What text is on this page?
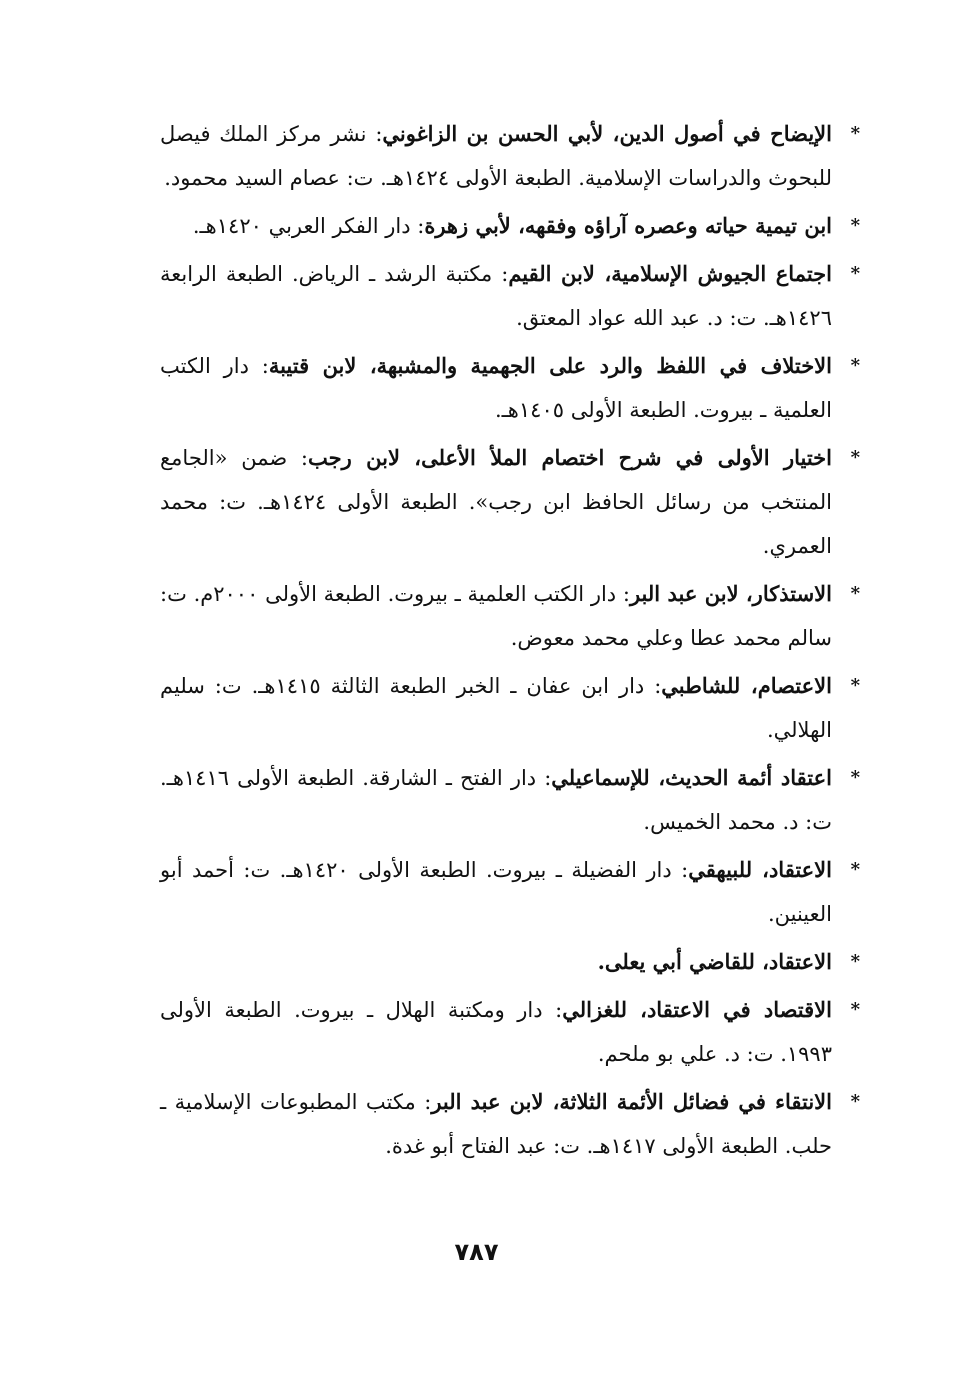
*
الإيضاح في أصول الدين، لأبي الحسن بن الزاغوني: نشر مركز الملك فيصل للبحوث والدراسات الإسلامية. الطبعة الأولى ١٤٢٤هـ. ت: عصام السيد محمود.
*
ابن تيمية حياته وعصره آراؤه وفقهه، لأبي زهرة: دار الفكر العربي ١٤٢٠هـ.
*
اجتماع الجيوش الإسلامية، لابن القيم: مكتبة الرشد ـ الرياض. الطبعة الرابعة ١٤٢٦هـ. ت: د. عبد الله عواد المعتق.
*
الاختلاف في اللفظ والرد على الجهمية والمشبهة، لابن قتيبة: دار الكتب العلمية ـ بيروت. الطبعة الأولى ١٤٠٥هـ.
*
اختيار الأولى في شرح اختصام الملأ الأعلى، لابن رجب: ضمن «الجامع المنتخب من رسائل الحافظ ابن رجب». الطبعة الأولى ١٤٢٤هـ. ت: محمد العمري.
*
الاستذكار، لابن عبد البر: دار الكتب العلمية ـ بيروت. الطبعة الأولى ٢٠٠٠م. ت: سالم محمد عطا وعلي محمد معوض.
*
الاعتصام، للشاطبي: دار ابن عفان ـ الخبر الطبعة الثالثة ١٤١٥هـ. ت: سليم الهلالي.
*
اعتقاد أئمة الحديث، للإسماعيلي: دار الفتح ـ الشارقة. الطبعة الأولى ١٤١٦هـ. ت: د. محمد الخميس.
*
الاعتقاد، للبيهقي: دار الفضيلة ـ بيروت. الطبعة الأولى ١٤٢٠هـ. ت: أحمد أبو العينين.
*
الاعتقاد، للقاضي أبي يعلى.
*
الاقتصاد في الاعتقاد، للغزالي: دار ومكتبة الهلال ـ بيروت. الطبعة الأولى ١٩٩٣. ت: د. علي بو ملحم.
*
الانتقاء في فضائل الأئمة الثلاثة، لابن عبد البر: مكتب المطبوعات الإسلامية ـ حلب. الطبعة الأولى ١٤١٧هـ. ت: عبد الفتاح أبو غدة.
٧٨٧
